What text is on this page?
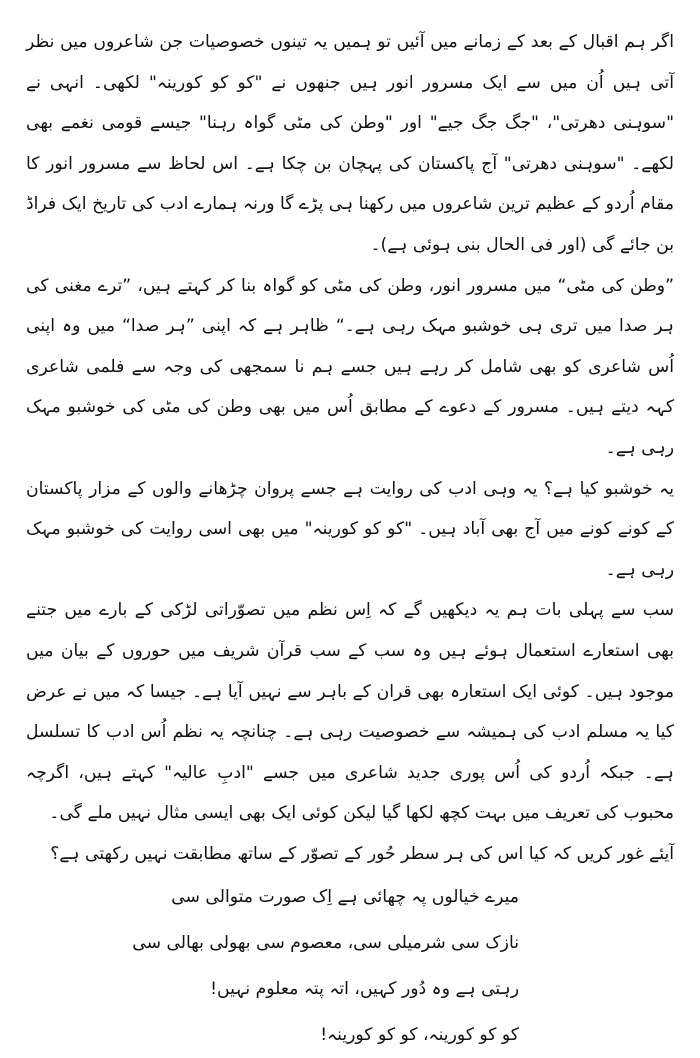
اگر ہم اقبال کے بعد کے زمانے میں آئیں تو ہمیں یہ تینوں خصوصیات جن شاعروں میں نظر آتی ہیں اُن میں سے ایک مسرور انور ہیں جنھوں نے "کو کو کورینہ" لکھی۔ انہی نے "سوہنی دھرتی"، "جگ جگ جیے" اور "وطن کی مٹی گواہ رہنا" جیسے قومی نغمے بھی لکھے۔ "سوہنی دھرتی" آج پاکستان کی پہچان بن چکا ہے۔ اس لحاظ سے مسرور انور کا مقام اُردو کے عظیم ترین شاعروں میں رکھنا ہی پڑے گا ورنہ ہمارے ادب کی تاریخ ایک فراڈ بن جائے گی (اور فی الحال بنی ہوئی ہے)۔

”وطن کی مٹی“ میں مسرور انور، وطن کی مٹی کو گواہ بنا کر کہتے ہیں، ”ترے مغنی کی ہر صدا میں تری ہی خوشبو مہک رہی ہے۔“ ظاہر ہے کہ اپنی ”ہر صدا“ میں وہ اپنی اُس شاعری کو بھی شامل کر رہے ہیں جسے ہم نا سمجھی کی وجہ سے فلمی شاعری کہہ دیتے ہیں۔ مسرور کے دعوے کے مطابق اُس میں بھی وطن کی مٹی کی خوشبو مہک رہی ہے۔

یہ خوشبو کیا ہے؟ یہ وہی ادب کی روایت ہے جسے پروان چڑھانے والوں کے مزار پاکستان کے کونے کونے میں آج بھی آباد ہیں۔ "کو کو کورینہ" میں بھی اسی روایت کی خوشبو مہک رہی ہے۔

سب سے پہلی بات ہم یہ دیکھیں گے کہ اِس نظم میں تصوّراتی لڑکی کے بارے میں جتنے بھی استعارے استعمال ہوئے ہیں وہ سب کے سب قرآن شریف میں حوروں کے بیان میں موجود ہیں۔ کوئی ایک استعارہ بھی قران کے باہر سے نہیں آیا ہے۔ جیسا کہ میں نے عرض کیا یہ مسلم ادب کی ہمیشہ سے خصوصیت رہی ہے۔ چنانچہ یہ نظم اُس ادب کا تسلسل ہے۔ جبکہ اُردو کی اُس پوری جدید شاعری میں جسے "ادبِ عالیہ" کہتے ہیں، اگرچہ محبوب کی تعریف میں بہت کچھ لکھا گیا لیکن کوئی ایک بھی ایسی مثال نہیں ملے گی۔

آیئے غور کریں کہ کیا اس کی ہر سطر حُور کے تصوّر کے ساتھ مطابقت نہیں رکھتی ہے؟

میرے خیالوں پہ چھائی ہے اِک صورت متوالی سی

نازک سی شرمیلی سی، معصوم سی بھولی بھالی سی

رہتی ہے وہ دُور کہیں، اتہ پتہ معلوم نہیں!

کو کو کورینہ، کو کو کورینہ!
